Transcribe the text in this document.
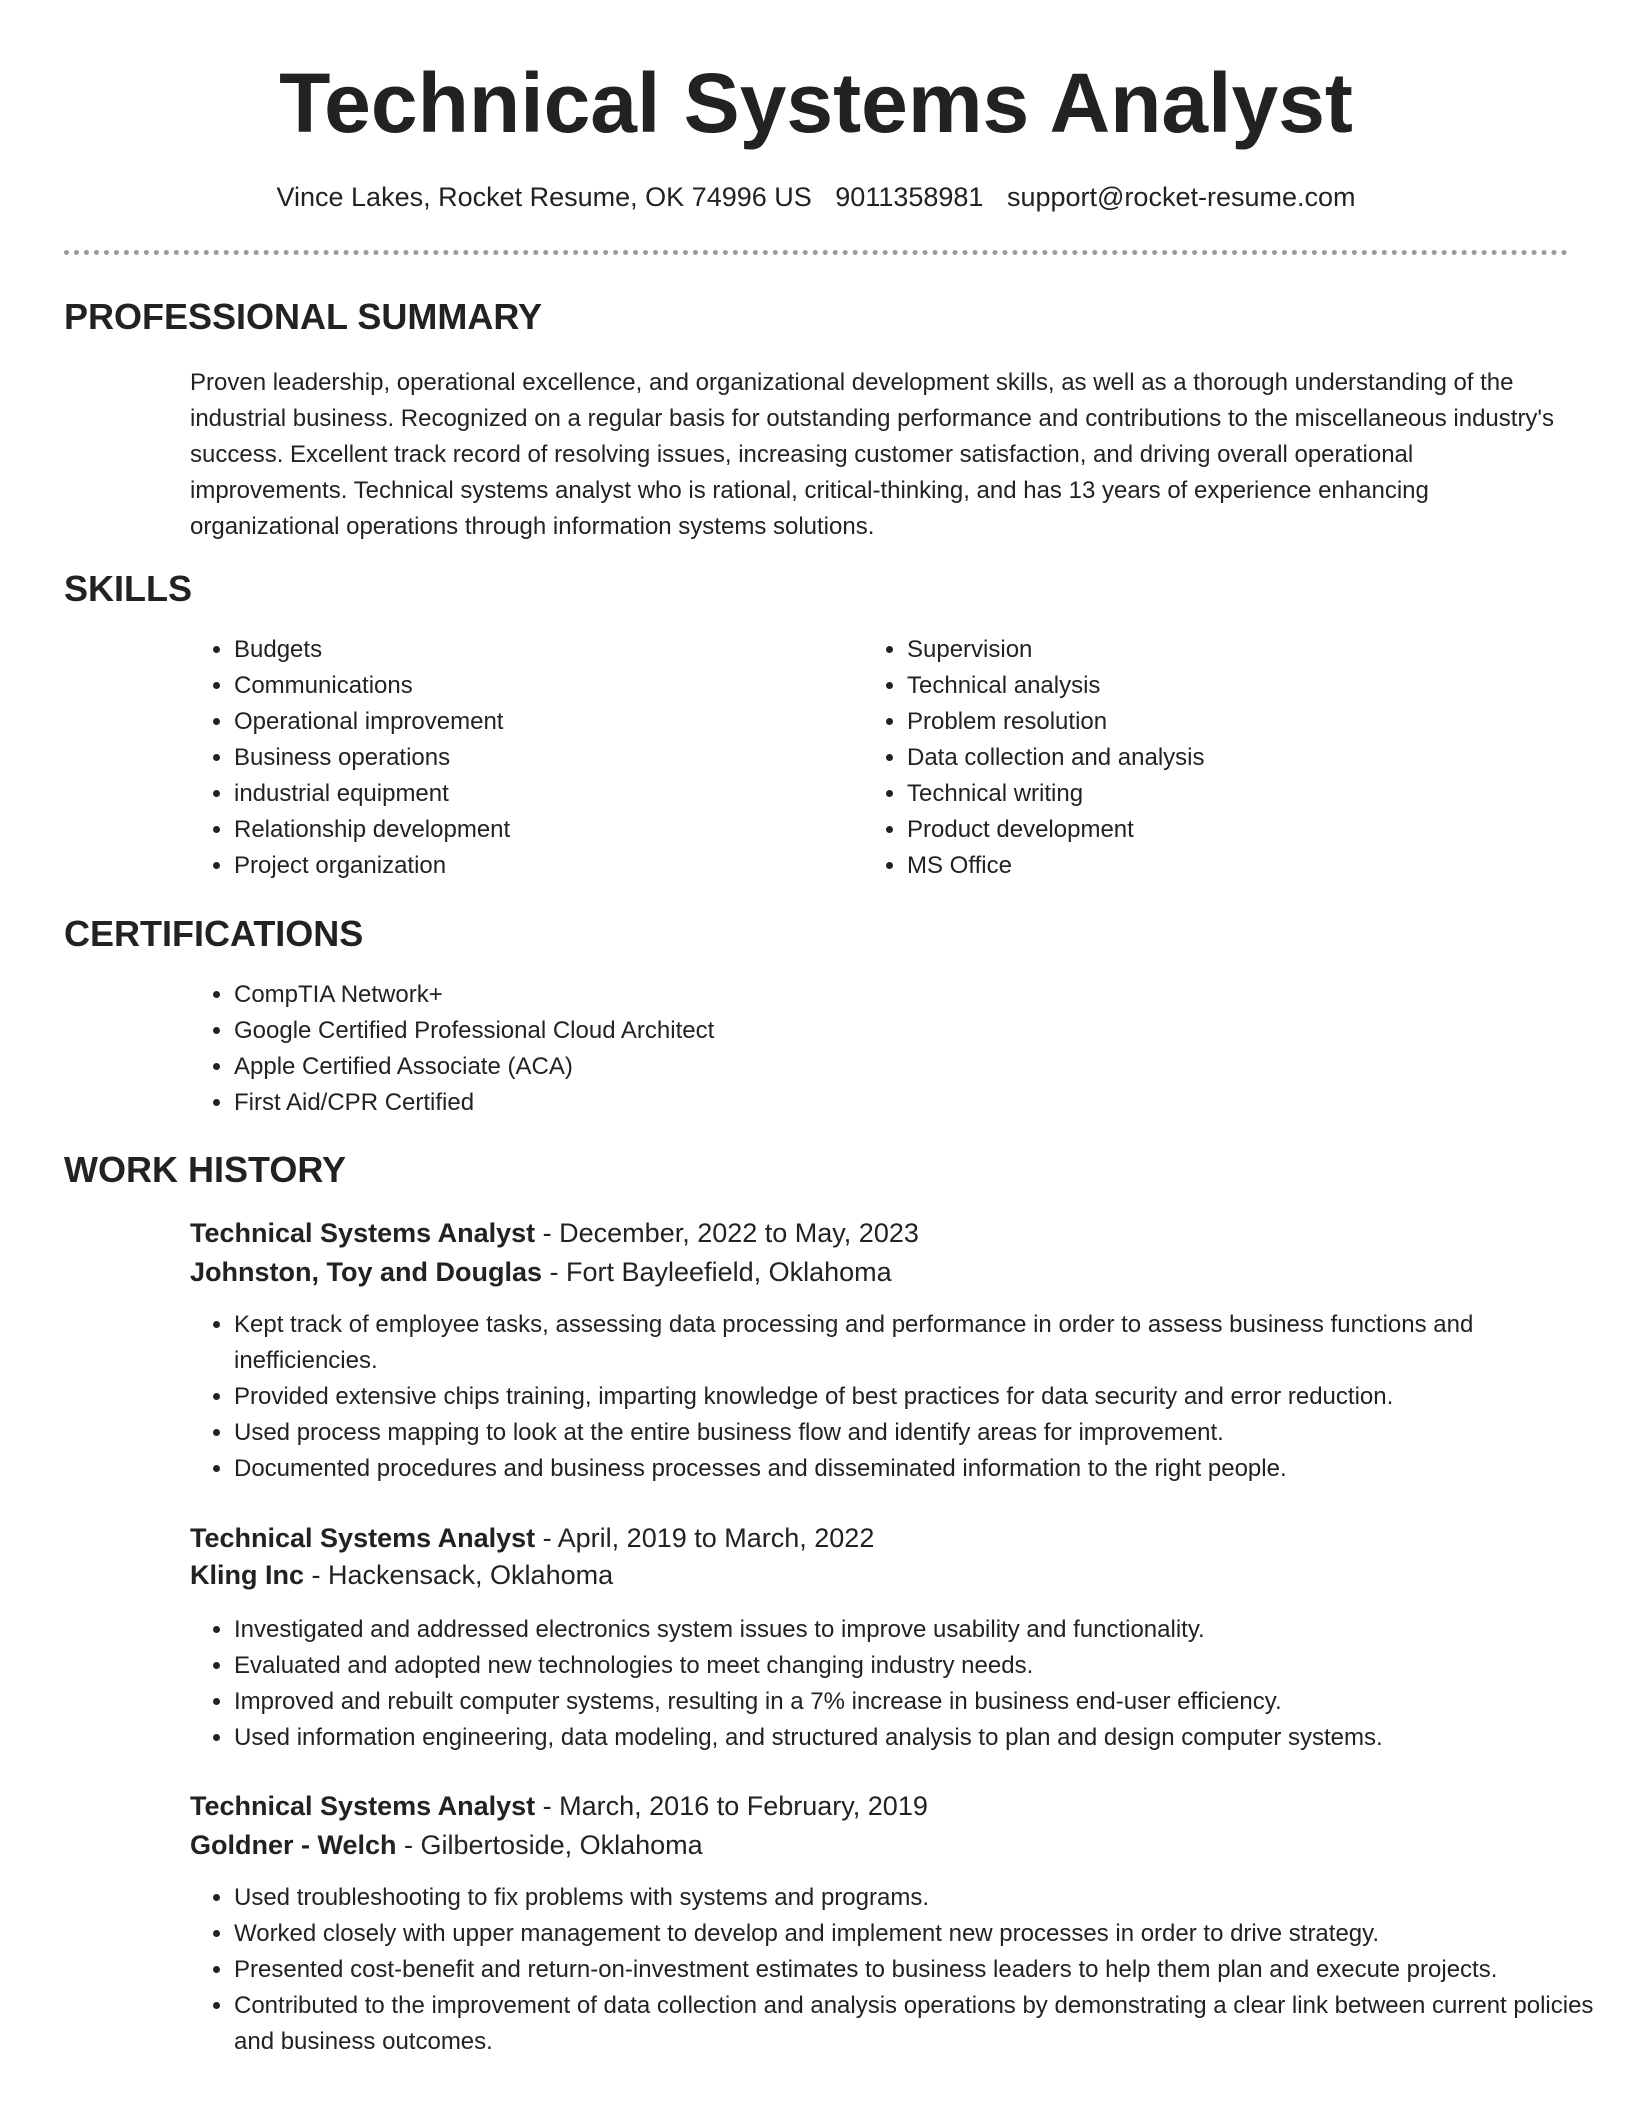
Technical Systems Analyst
Vince Lakes, Rocket Resume, OK 74996 US 9011358981 support@rocket-resume.com
PROFESSIONAL SUMMARY

Proven leadership, operational excellence, and organizational development skills, as well as a thorough understanding of the industrial business. Recognized on a regular basis for outstanding performance and contributions to the miscellaneous industry's success. Excellent track record of resolving issues, increasing customer satisfaction, and driving overall operational improvements. Technical systems analyst who is rational, critical-thinking, and has 13 years of experience enhancing organizational operations through information systems solutions.

SKILLS
• Budgets
• Communications
• Operational improvement
• Business operations
• industrial equipment
• Relationship development
• Project organization
• Supervision
• Technical analysis
• Problem resolution
• Data collection and analysis
• Technical writing
• Product development
• MS Office
CERTIFICATIONS
• CompTIA Network+
• Google Certified Professional Cloud Architect
• Apple Certified Associate (ACA)
• First Aid/CPR Certified
WORK HISTORY
Technical Systems Analyst - December, 2022 to May, 2023
Johnston, Toy and Douglas - Fort Bayleefield, Oklahoma
• Kept track of employee tasks, assessing data processing and performance in order to assess business functions and inefficiencies.
• Provided extensive chips training, imparting knowledge of best practices for data security and error reduction.
• Used process mapping to look at the entire business flow and identify areas for improvement.
• Documented procedures and business processes and disseminated information to the right people.
Technical Systems Analyst - April, 2019 to March, 2022
Kling Inc - Hackensack, Oklahoma
• Investigated and addressed electronics system issues to improve usability and functionality.
• Evaluated and adopted new technologies to meet changing industry needs.
• Improved and rebuilt computer systems, resulting in a 7% increase in business end-user efficiency.
• Used information engineering, data modeling, and structured analysis to plan and design computer systems.
Technical Systems Analyst - March, 2016 to February, 2019
Goldner - Welch - Gilbertoside, Oklahoma
• Used troubleshooting to fix problems with systems and programs.
• Worked closely with upper management to develop and implement new processes in order to drive strategy.
• Presented cost-benefit and return-on-investment estimates to business leaders to help them plan and execute projects.
• Contributed to the improvement of data collection and analysis operations by demonstrating a clear link between current policies and business outcomes.
